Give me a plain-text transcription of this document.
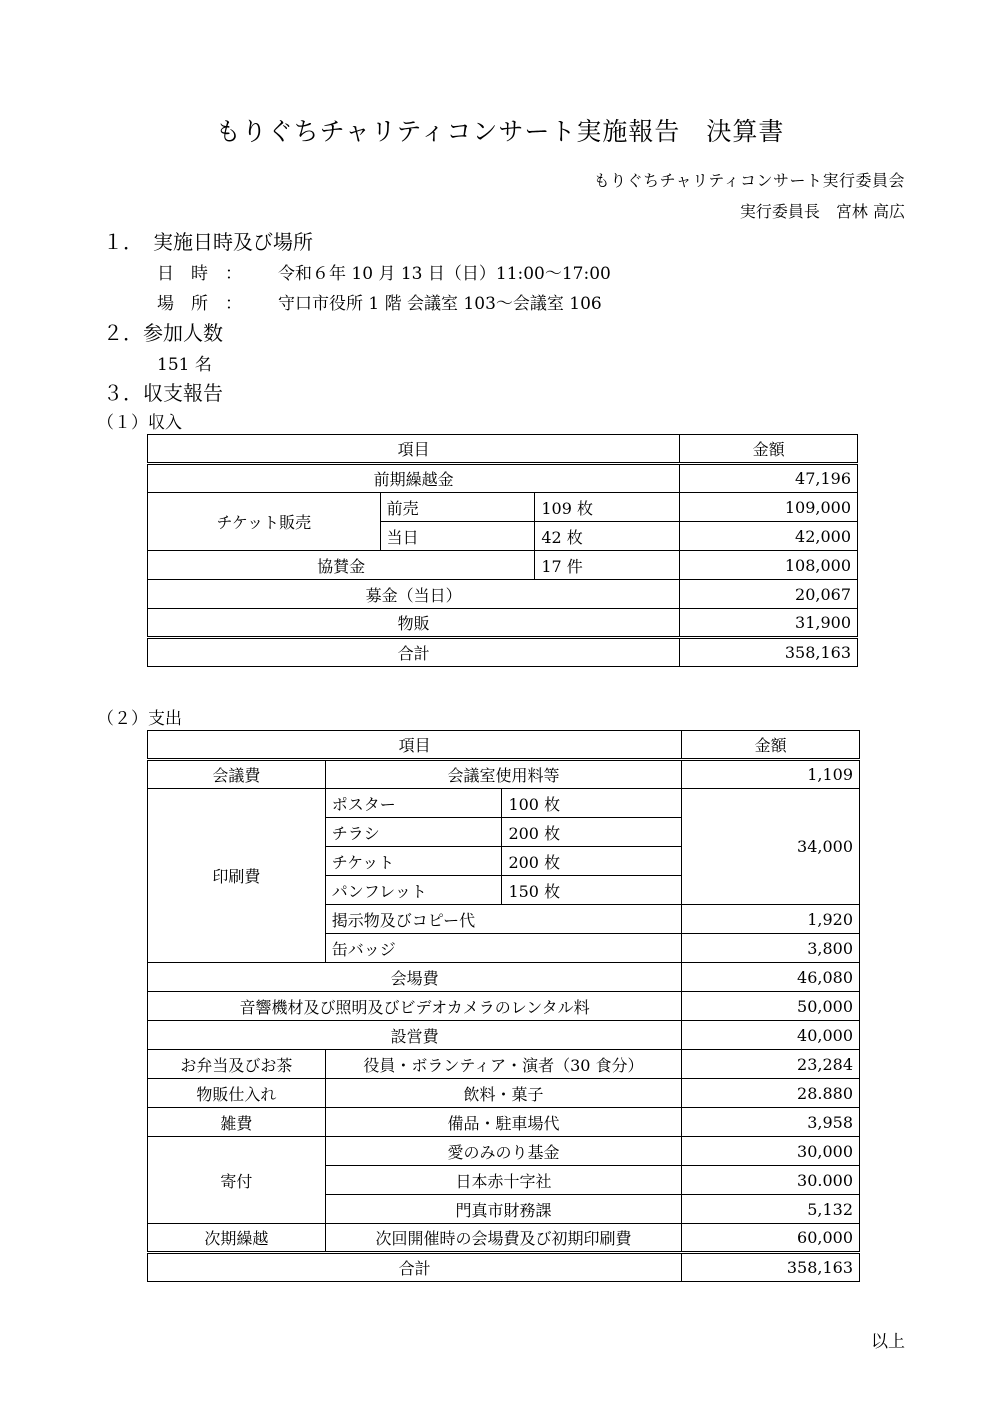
もりぐちチャリティコンサート実施報告　決算書
もりぐちチャリティコンサート実行委員会
実行委員長　宮林 高広
１．　実施日時及び場所
日　時　： 令和６年 10 月 13 日（日）11:00〜17:00
場　所　： 守口市役所 1 階 会議室 103〜会議室 106
２．参加人数
151 名
３．収支報告
（１）収入
項目			金額
前期繰越金			47,196
チケット販売	前売	109 枚	109,000
	当日	42 枚	42,000
協賛金		17 件	108,000
募金（当日）			20,067
物販			31,900
合計			358,163
（２）支出
項目			金額
会議費	会議室使用料等		1,109
印刷費	ポスター	100 枚	34,000
	チラシ	200 枚	
	チケット	200 枚	
	パンフレット	150 枚	
	掲示物及びコピー代		1,920
	缶バッジ		3,800
会場費			46,080
音響機材及び照明及びビデオカメラのレンタル料			50,000
設営費			40,000
お弁当及びお茶	役員・ボランティア・演者（30 食分）		23,284
物販仕入れ	飲料・菓子		28.880
雑費	備品・駐車場代		3,958
寄付	愛のみのり基金		30,000
	日本赤十字社		30.000
	門真市財務課		5,132
次期繰越	次回開催時の会場費及び初期印刷費		60,000
合計			358,163
以上
